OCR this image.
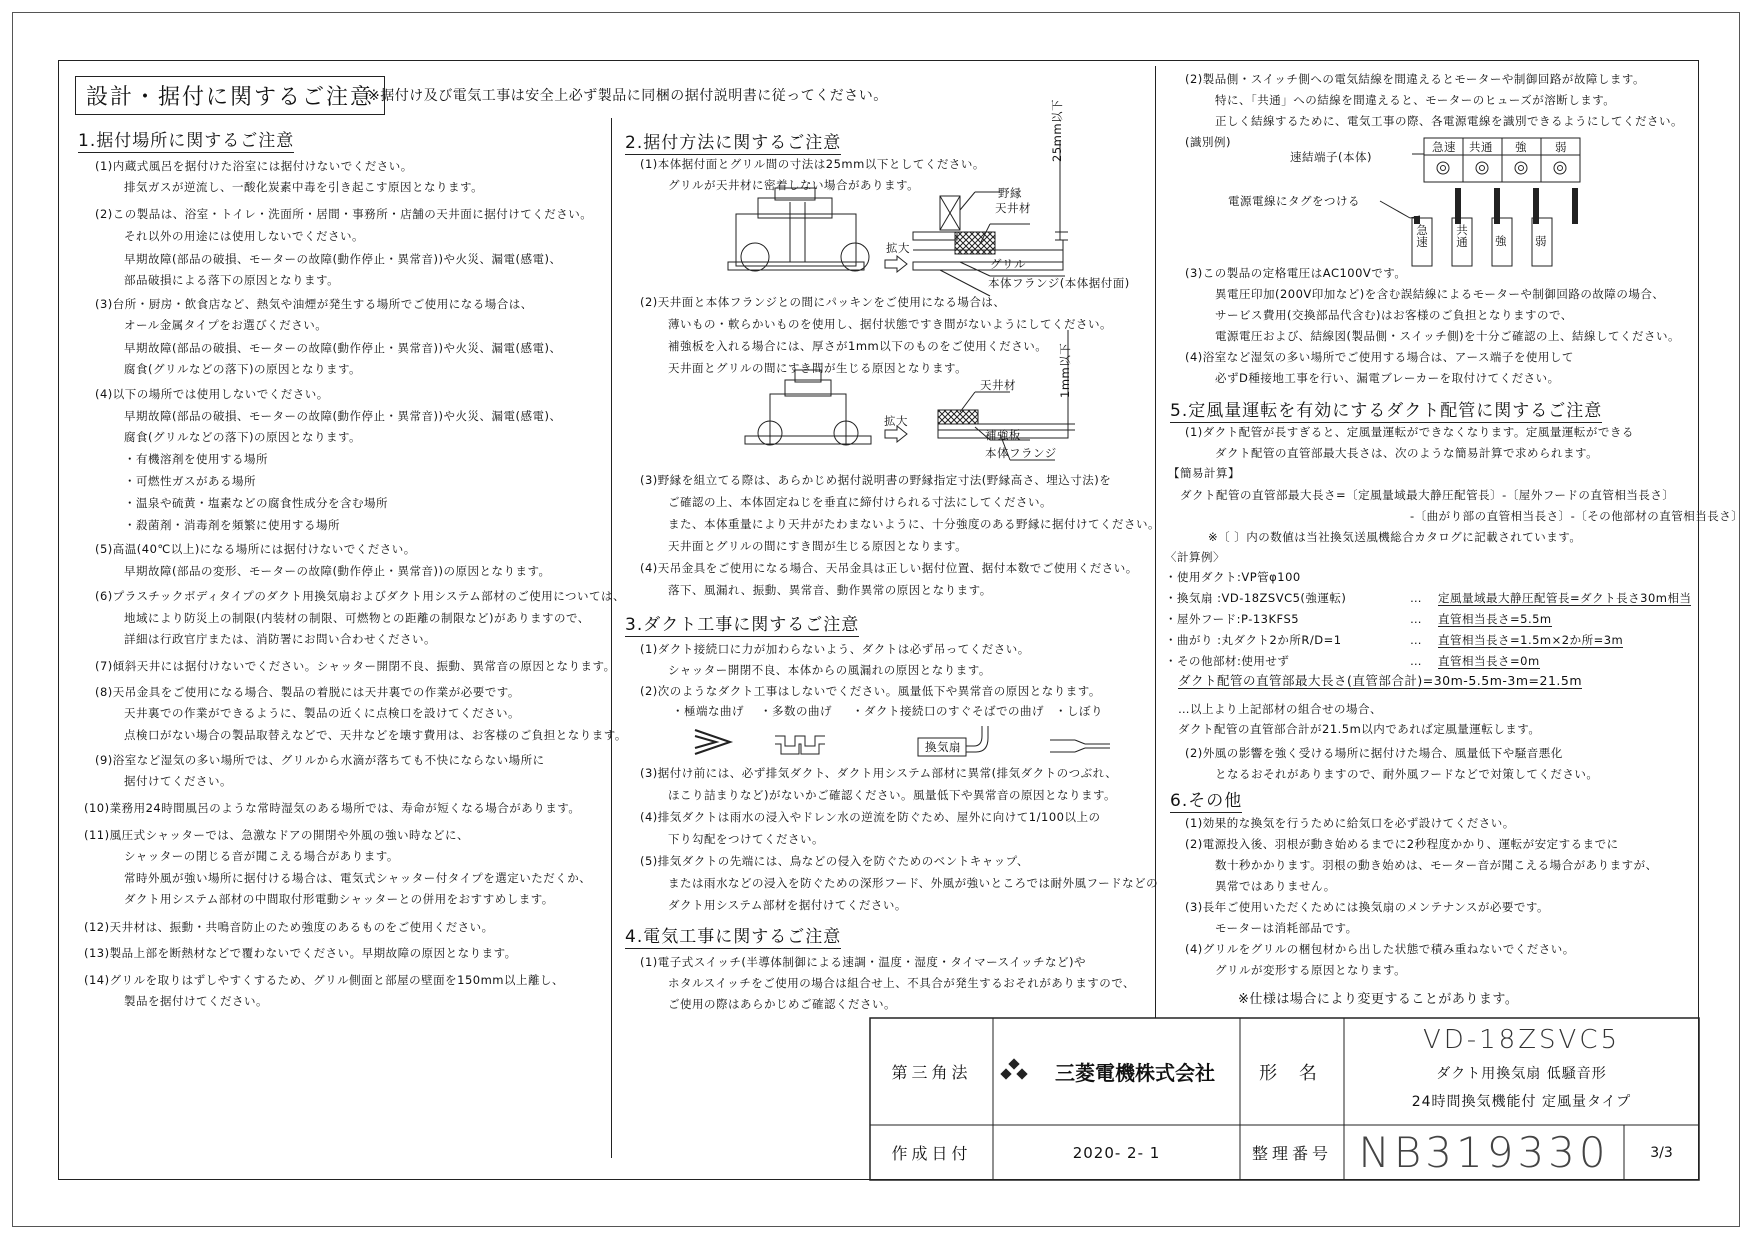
設計・据付に関するご注意
※据付け及び電気工事は安全上必ず製品に同梱の据付説明書に従ってください。
1.据付場所に関するご注意
(1)内蔵式風呂を据付けた浴室には据付けないでください。
排気ガスが逆流し、一酸化炭素中毒を引き起こす原因となります。
(2)この製品は、浴室・トイレ・洗面所・居間・事務所・店舗の天井面に据付けてください。
それ以外の用途には使用しないでください。
早期故障(部品の破損、モーターの故障(動作停止・異常音))や火災、漏電(感電)、
部品破損による落下の原因となります。
(3)台所・厨房・飲食店など、熱気や油煙が発生する場所でご使用になる場合は、
オール金属タイプをお選びください。
早期故障(部品の破損、モーターの故障(動作停止・異常音))や火災、漏電(感電)、
腐食(グリルなどの落下)の原因となります。
(4)以下の場所では使用しないでください。
早期故障(部品の破損、モーターの故障(動作停止・異常音))や火災、漏電(感電)、
腐食(グリルなどの落下)の原因となります。
・有機溶剤を使用する場所
・可燃性ガスがある場所
・温泉や硫黄・塩素などの腐食性成分を含む場所
・殺菌剤・消毒剤を頻繁に使用する場所
(5)高温(40℃以上)になる場所には据付けないでください。
早期故障(部品の変形、モーターの故障(動作停止・異常音))の原因となります。
(6)プラスチックボディタイプのダクト用換気扇およびダクト用システム部材のご使用については、
地域により防災上の制限(内装材の制限、可燃物との距離の制限など)がありますので、
詳細は行政官庁または、消防署にお問い合わせください。
(7)傾斜天井には据付けないでください。シャッター開閉不良、振動、異常音の原因となります。
(8)天吊金具をご使用になる場合、製品の着脱には天井裏での作業が必要です。
天井裏での作業ができるように、製品の近くに点検口を設けてください。
点検口がない場合の製品取替えなどで、天井などを壊す費用は、お客様のご負担となります。
(9)浴室など湿気の多い場所では、グリルから水滴が落ちても不快にならない場所に
据付けてください。
(10)業務用24時間風呂のような常時湿気のある場所では、寿命が短くなる場合があります。
(11)風圧式シャッターでは、急激なドアの開閉や外風の強い時などに、
シャッターの閉じる音が聞こえる場合があります。
常時外風が強い場所に据付ける場合は、電気式シャッター付タイプを選定いただくか、
ダクト用システム部材の中間取付形電動シャッターとの併用をおすすめします。
(12)天井材は、振動・共鳴音防止のため強度のあるものをご使用ください。
(13)製品上部を断熱材などで覆わないでください。早期故障の原因となります。
(14)グリルを取りはずしやすくするため、グリル側面と部屋の壁面を150mm以上離し、
製品を据付けてください。
2.据付方法に関するご注意
(1)本体据付面とグリル間の寸法は25mm以下としてください。
グリルが天井材に密着しない場合があります。
(2)天井面と本体フランジとの間にパッキンをご使用になる場合は、
薄いもの・軟らかいものを使用し、据付状態ですき間がないようにしてください。
補強板を入れる場合には、厚さが1mm以下のものをご使用ください。
天井面とグリルの間にすき間が生じる原因となります。
(3)野縁を組立てる際は、あらかじめ据付説明書の野縁指定寸法(野縁高さ、埋込寸法)を
ご確認の上、本体固定ねじを垂直に締付けられる寸法にしてください。
また、本体重量により天井がたわまないように、十分強度のある野縁に据付けてください。
天井面とグリルの間にすき間が生じる原因となります。
(4)天吊金具をご使用になる場合、天吊金具は正しい据付位置、据付本数でご使用ください。
落下、風漏れ、振動、異常音、動作異常の原因となります。
野縁
天井材
25mm以下
拡大
グリル
本体フランジ(本体据付面)
天井材	1mm以下
拡大
補強板
本体フランジ
3.ダクト工事に関するご注意
(1)ダクト接続口に力が加わらないよう、ダクトは必ず吊ってください。
シャッター開閉不良、本体からの風漏れの原因となります。
(2)次のようなダクト工事はしないでください。風量低下や異常音の原因となります。
・極端な曲げ ・多数の曲げ ・ダクト接続口のすぐそばでの曲げ ・しぼり
換気扇
(3)据付け前には、必ず排気ダクト、ダクト用システム部材に異常(排気ダクトのつぶれ、
ほこり詰まりなど)がないかご確認ください。風量低下や異常音の原因となります。
(4)排気ダクトは雨水の浸入やドレン水の逆流を防ぐため、屋外に向けて1/100以上の
下り勾配をつけてください。
(5)排気ダクトの先端には、鳥などの侵入を防ぐためのベントキャップ、
または雨水などの浸入を防ぐための深形フード、外風が強いところでは耐外風フードなどの
ダクト用システム部材を据付けてください。
4.電気工事に関するご注意
(1)電子式スイッチ(半導体制御による速調・温度・湿度・タイマースイッチなど)や
ホタルスイッチをご使用の場合は組合せ上、不具合が発生するおそれがありますので、
ご使用の際はあらかじめご確認ください。
(2)製品側・スイッチ側への電気結線を間違えるとモーターや制御回路が故障します。
特に、「共通」への結線を間違えると、モーターのヒューズが溶断します。
正しく結線するために、電気工事の際、各電源電線を識別できるようにしてください。
(識別例)
速結端子(本体)
電源電線にタグをつける
急速 共通 強 弱
急速 共通 強 弱
(3)この製品の定格電圧はAC100Vです。
異電圧印加(200V印加など)を含む誤結線によるモーターや制御回路の故障の場合、
サービス費用(交換部品代含む)はお客様のご負担となりますので、
電源電圧および、結線図(製品側・スイッチ側)を十分ご確認の上、結線してください。
(4)浴室など湿気の多い場所でご使用する場合は、アース端子を使用して
必ずD種接地工事を行い、漏電ブレーカーを取付けてください。
5.定風量運転を有効にするダクト配管に関するご注意
(1)ダクト配管が長すぎると、定風量運転ができなくなります。定風量運転ができる
ダクト配管の直管部最大長さは、次のような簡易計算で求められます。
【簡易計算】
ダクト配管の直管部最大長さ=〔定風量域最大静圧配管長〕-〔屋外フードの直管相当長さ〕
-〔曲がり部の直管相当長さ〕-〔その他部材の直管相当長さ〕
※〔 〕内の数値は当社換気送風機総合カタログに記載されています。
〈計算例〉
・使用ダクト:VP管φ100
・換気扇 :VD-18ZSVC5(強運転)	… 定風量域最大静圧配管長=ダクト長さ30m相当
・屋外フード:P-13KFS5	… 直管相当長さ=5.5m
・曲がり :丸ダクト2か所R/D=1	… 直管相当長さ=1.5m×2か所=3m
・その他部材:使用せず	… 直管相当長さ=0m
ダクト配管の直管部最大長さ(直管部合計)=30m-5.5m-3m=21.5m
…以上より上記部材の組合せの場合、
ダクト配管の直管部合計が21.5m以内であれば定風量運転します。
(2)外風の影響を強く受ける場所に据付けた場合、風量低下や騒音悪化
となるおそれがありますので、耐外風フードなどで対策してください。
6.その他
(1)効果的な換気を行うために給気口を必ず設けてください。
(2)電源投入後、羽根が動き始めるまでに2秒程度かかり、運転が安定するまでに
数十秒かかります。羽根の動き始めは、モーター音が聞こえる場合がありますが、
異常ではありません。
(3)長年ご使用いただくためには換気扇のメンテナンスが必要です。
モーターは消耗部品です。
(4)グリルをグリルの梱包材から出した状態で積み重ねないでください。
グリルが変形する原因となります。
※仕様は場合により変更することがあります。
第三角法	三菱電機株式会社	形 名
VD-18ZSVC5
ダクト用換気扇 低騒音形
24時間換気機能付 定風量タイプ
作成日付	2020- 2- 1	整理番号 NB319330	3/3
